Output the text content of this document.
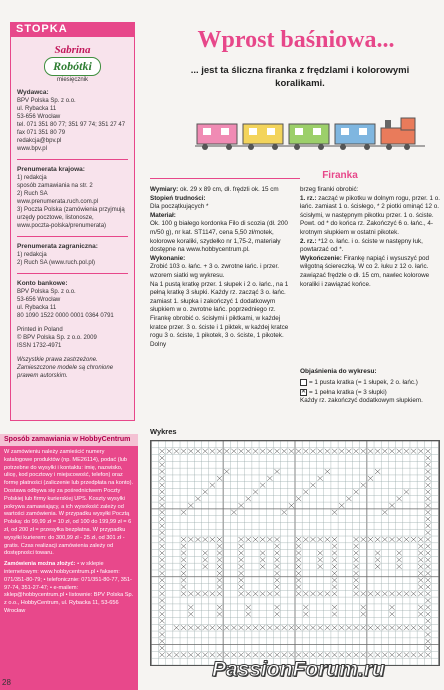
STOPKA
Sabrina
Robótki
miesięcznik
Wydawca:
BPV Polska Sp. z o.o.
ul. Rybacka 11
53-656 Wrocław
tel. 071 351 80 77; 351 97 74; 351 27 47
fax 071 351 80 79
redakcja@bpv.pl
www.bpv.pl
Prenumerata krajowa:
1) redakcja
sposób zamawiania na str. 2
2) Ruch SA
www.prenumerata.ruch.com.pl
3) Poczta Polska (zamówienia przyjmują urzędy pocztowe, listonosze, www.poczta-polska/prenumerata)
Prenumerata zagraniczna:
1) redakcja
2) Ruch SA (www.ruch.pol.pl)
Konto bankowe:
BPV Polska Sp. z o.o.
53-656 Wrocław
ul. Rybacka 11
80 1090 1522 0000 0001 0364 0791
Printed in Poland
© BPV Polska Sp. z o.o. 2009
ISSN 1732-4971
Wszystkie prawa zastrzeżone. Zamieszczone modele są chronione prawem autorskim.
Sposób zamawiania w HobbyCentrum

W zamówieniu należy zamieścić numery katalogowe produktów (np. ME26114), podać (lub potrzebne do wysyłki i kontaktu: imię, nazwisko, ulicę, kod pocztowy i miejscowość, telefon) oraz formę płatności (zaliczenie lub przedpłata na konto). Dostawa odbywa się za pośrednictwem Poczty Polskiej lub firmy kurierskiej UPS. Koszty wysyłki pokrywa zamawiający, a ich wysokość zależy od wartości zamówienia. W przypadku wysyłki Pocztą Polską: do 99,99 zł = 10 zł, od 100 do 199,99 zł = 6 zł, od 200 zł = przesyłka bezpłatna. W przypadku wysyłki kurierem: do 300,99 zł - 25 zł, od 301 zł - gratis. Czas realizacji zamówienia zależy od dostępności towaru.

Zamówienia można złożyć: • w sklepie internetowym: www.hobbycentrum.pl • faksem: 071/351-80-79; • telefonicznie: 071/351-80-77, 351-97-74, 351-27-47; • e-mailem: sklep@hobbycentrum.pl • listownie: BPV Polska Sp. z o.o., HobbyCentrum, ul. Rybacka 11, 53-656 Wrocław

Wprost baśniowa...
... jest ta śliczna firanka z frędzlami i kolorowymi koralikami.
Firanka
Wymiary: ok. 29 x 89 cm, dł. frędzli ok. 15 cm
Stopień trudności:
Dla początkujących *
Materiał:
Ok. 100 g białego kordonka Filo di scozia (dł. 200 m/50 g), nr kat. ST1147, cena 5,50 zł/motek, kolorowe koraliki, szydełko nr 1,75-2, materiały dostępne na www.hobbycentrum.pl.
Wykonanie:
Zrobić 103 o. łańc. + 3 o. zwrotne łańc. i przer. wzorem siatki wg wykresu.
Na 1 pustą kratkę przer. 1 słupek i 2 o. łańc., na 1 pełną kratkę 3 słupki. Każdy rz. zacząć 3 o. łańc. zamiast 1. słupka i zakończyć 1 dodatkowym słupkiem w o. zwrotne łańc. poprzedniego rz.
Firankę obrobić o. ścisłymi i piktkami, w każdej kratce przer. 3 o. ściste i 1 piktek, w każdej kratce rogu 3 o. ściste, 1 pikotek, 3 o. ściste, 1 pikotek. Dolny
brzeg firanki obrobić:
1. rz.: zacząć w pikotku w dolnym rogu, przer. 1 o. łańc. zamiast 1 o. ścisłego, * 2 piotki ominąć 12 o. ścisłymi, w następnym pikotku przer. 1 o. ściste. Powt. od * do końca rz. Zakończyć 6 o. łańc., 4-krotnym słupkiem w ostatni pikotek.
2. rz.: *12 o. łańc. i o. ściste w następny łuk, powtarzać od *.
Wykończenie: Firankę napiąć i wysuszyć pod wilgotną ściereczką. W co 2. łuku z 12 o. łańc. zawiązać frędzle o dł. 15 cm, nawlec kolorowe koraliki i zawiązać końce.
Objaśnienia do wykresu:
= 1 pusta kratka (= 1 słupek, 2 o. łańc.)
✕ = 1 pełna kratka (= 3 słupki)
Każdy rz. zakończyć dodatkowym słupkiem.
Wykres
PassionForum.ru
28
